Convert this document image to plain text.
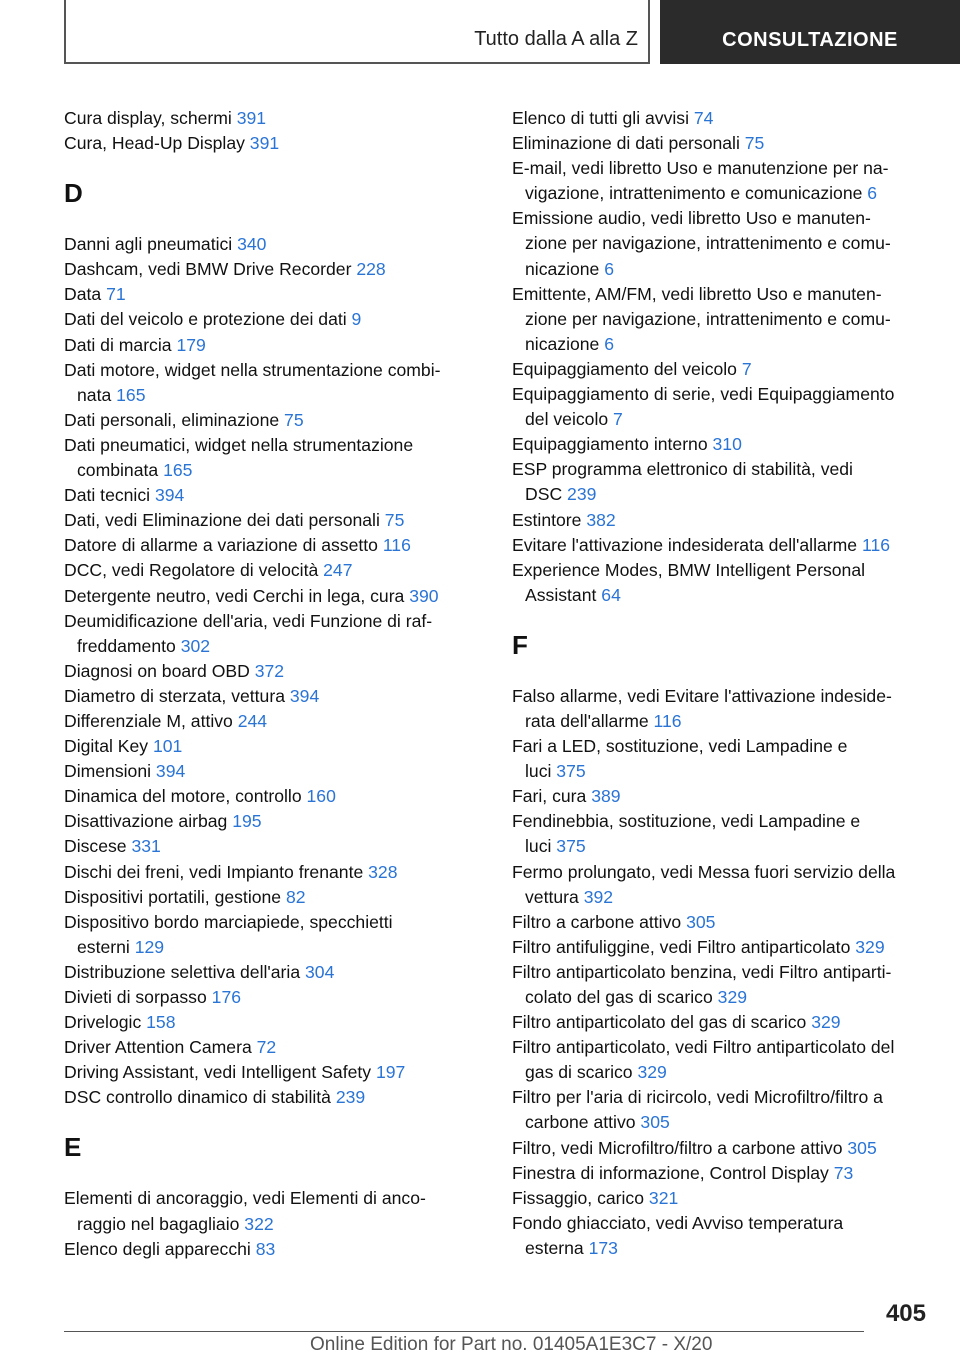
Tutto dalla A alla Z	CONSULTAZIONE
Cura display, schermi 391
Cura, Head-Up Display 391
D
Danni agli pneumatici 340
Dashcam, vedi BMW Drive Recorder 228
Data 71
Dati del veicolo e protezione dei dati 9
Dati di marcia 179
Dati motore, widget nella strumentazione combi-
nata 165
Dati personali, eliminazione 75
Dati pneumatici, widget nella strumentazione
combinata 165
Dati tecnici 394
Dati, vedi Eliminazione dei dati personali 75
Datore di allarme a variazione di assetto 116
DCC, vedi Regolatore di velocità 247
Detergente neutro, vedi Cerchi in lega, cura 390
Deumidificazione dell'aria, vedi Funzione di raf-
freddamento 302
Diagnosi on board OBD 372
Diametro di sterzata, vettura 394
Differenziale M, attivo 244
Digital Key 101
Dimensioni 394
Dinamica del motore, controllo 160
Disattivazione airbag 195
Discese 331
Dischi dei freni, vedi Impianto frenante 328
Dispositivi portatili, gestione 82
Dispositivo bordo marciapiede, specchietti
esterni 129
Distribuzione selettiva dell'aria 304
Divieti di sorpasso 176
Drivelogic 158
Driver Attention Camera 72
Driving Assistant, vedi Intelligent Safety 197
DSC controllo dinamico di stabilità 239
E
Elementi di ancoraggio, vedi Elementi di anco-
raggio nel bagagliaio 322
Elenco degli apparecchi 83
Elenco di tutti gli avvisi 74
Eliminazione di dati personali 75
E-mail, vedi libretto Uso e manutenzione per na-
vigazione, intrattenimento e comunicazione 6
Emissione audio, vedi libretto Uso e manuten-
zione per navigazione, intrattenimento e comu-
nicazione 6
Emittente, AM/FM, vedi libretto Uso e manuten-
zione per navigazione, intrattenimento e comu-
nicazione 6
Equipaggiamento del veicolo 7
Equipaggiamento di serie, vedi Equipaggiamento
del veicolo 7
Equipaggiamento interno 310
ESP programma elettronico di stabilità, vedi
DSC 239
Estintore 382
Evitare l'attivazione indesiderata dell'allarme 116
Experience Modes, BMW Intelligent Personal
Assistant 64
F
Falso allarme, vedi Evitare l'attivazione indeside-
rata dell'allarme 116
Fari a LED, sostituzione, vedi Lampadine e
luci 375
Fari, cura 389
Fendinebbia, sostituzione, vedi Lampadine e
luci 375
Fermo prolungato, vedi Messa fuori servizio della
vettura 392
Filtro a carbone attivo 305
Filtro antifuliggine, vedi Filtro antiparticolato 329
Filtro antiparticolato benzina, vedi Filtro antiparti-
colato del gas di scarico 329
Filtro antiparticolato del gas di scarico 329
Filtro antiparticolato, vedi Filtro antiparticolato del
gas di scarico 329
Filtro per l'aria di ricircolo, vedi Microfiltro/filtro a
carbone attivo 305
Filtro, vedi Microfiltro/filtro a carbone attivo 305
Finestra di informazione, Control Display 73
Fissaggio, carico 321
Fondo ghiacciato, vedi Avviso temperatura
esterna 173
405
Online Edition for Part no. 01405A1E3C7 - X/20
